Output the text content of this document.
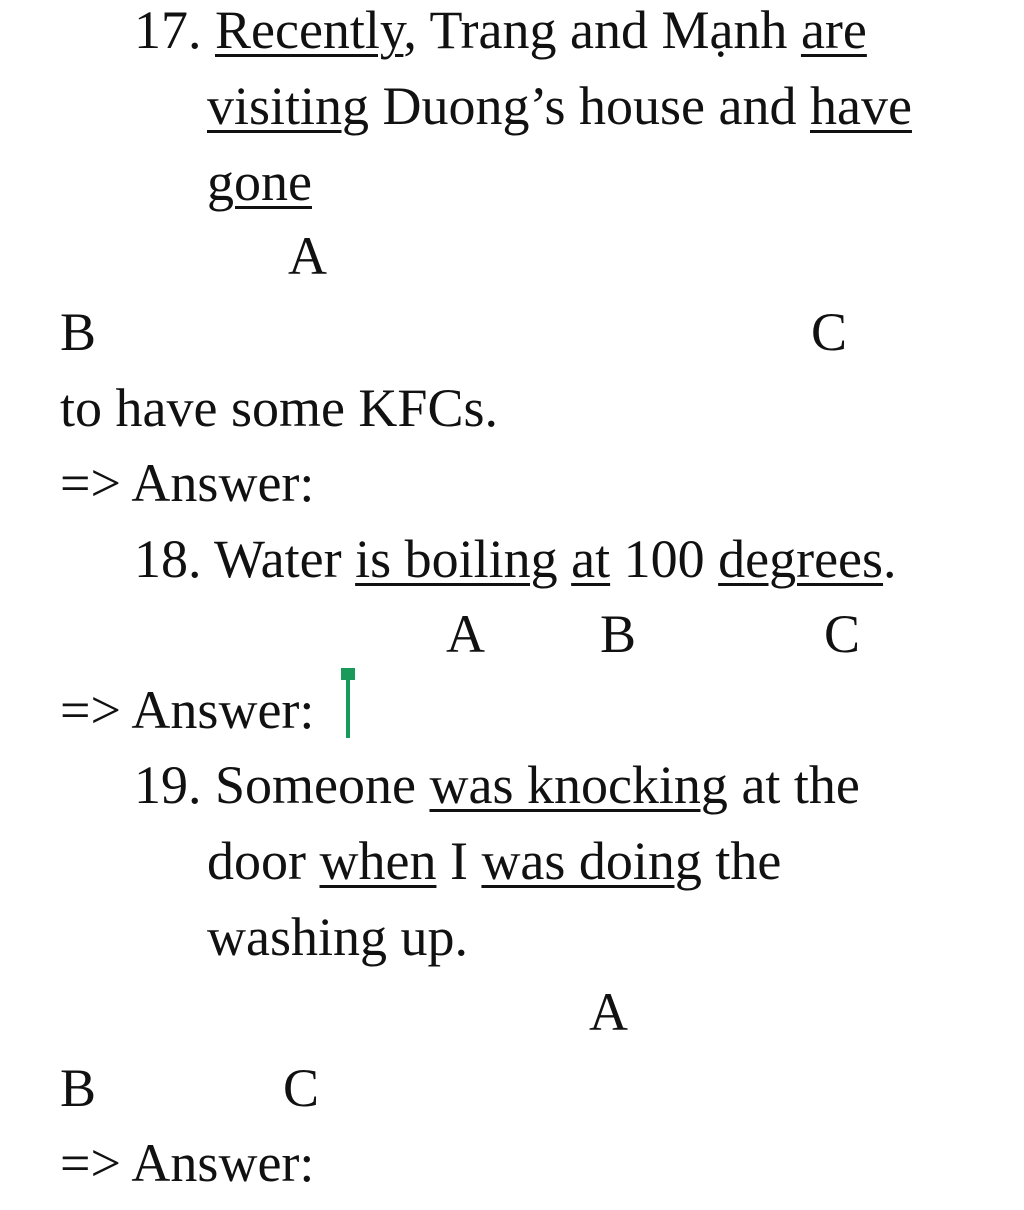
17. Recently, Trang and Mạnh are
visiting Duong’s house and have
gone
A
B	C
to have some KFCs.
=> Answer:
18. Water is boiling at 100 degrees.
A B	C
=> Answer:
19. Someone was knocking at the
door when I was doing the
washing up.
A
B	C
=> Answer:
